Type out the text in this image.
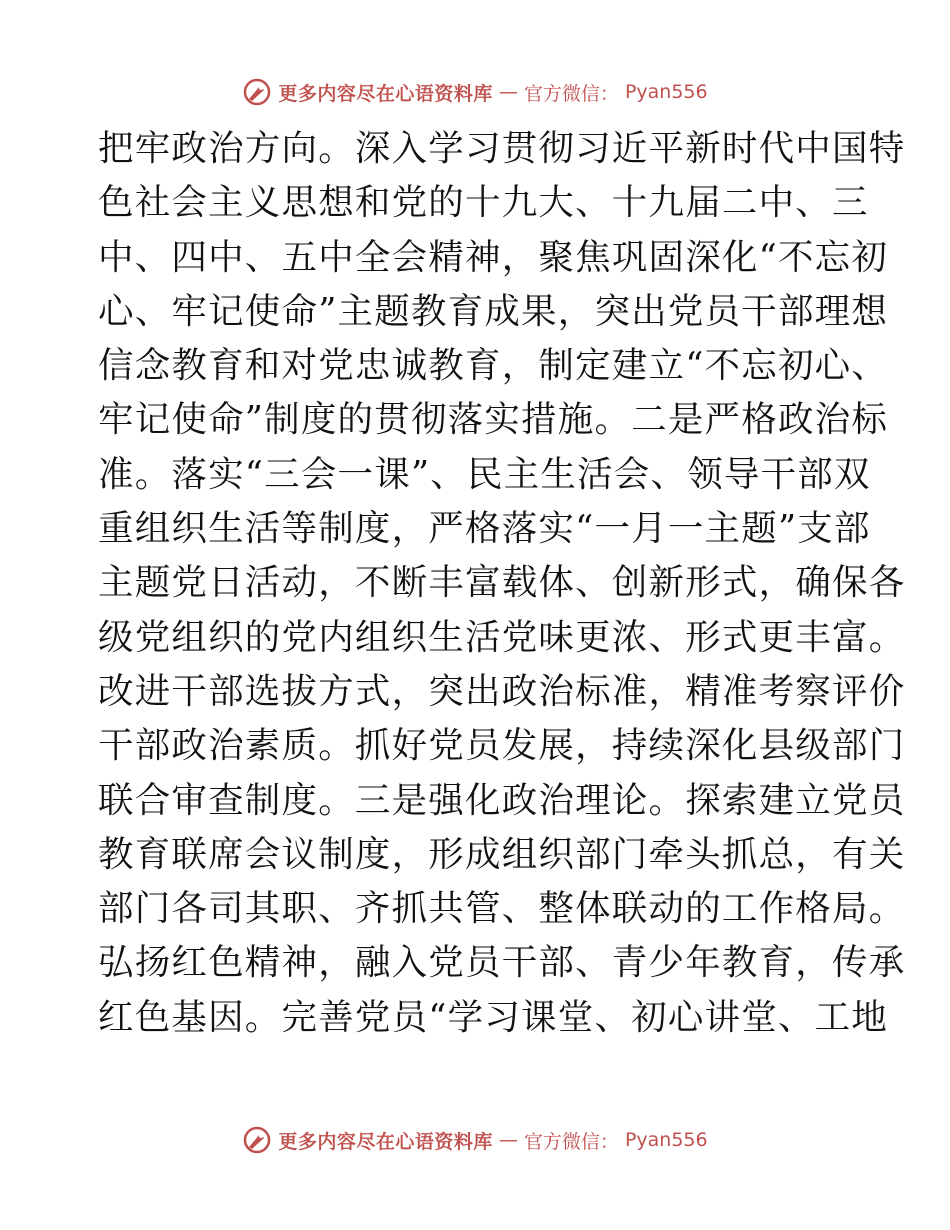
更多内容尽在心语资料库 — 官方微信： Pyan556
把牢政治方向。深入学习贯彻习近平新时代中国特
色社会主义思想和党的十九大、十九届二中、三
中、四中、五中全会精神，聚焦巩固深化“不忘初
心、牢记使命”主题教育成果，突出党员干部理想
信念教育和对党忠诚教育，制定建立“不忘初心、
牢记使命”制度的贯彻落实措施。二是严格政治标
准。落实“三会一课”、民主生活会、领导干部双
重组织生活等制度，严格落实“一月一主题”支部
主题党日活动，不断丰富载体、创新形式，确保各
级党组织的党内组织生活党味更浓、形式更丰富。
改进干部选拔方式，突出政治标准，精准考察评价
干部政治素质。抓好党员发展，持续深化县级部门
联合审查制度。三是强化政治理论。探索建立党员
教育联席会议制度，形成组织部门牵头抓总，有关
部门各司其职、齐抓共管、整体联动的工作格局。
弘扬红色精神，融入党员干部、青少年教育，传承
红色基因。完善党员“学习课堂、初心讲堂、工地
更多内容尽在心语资料库 — 官方微信： Pyan556
